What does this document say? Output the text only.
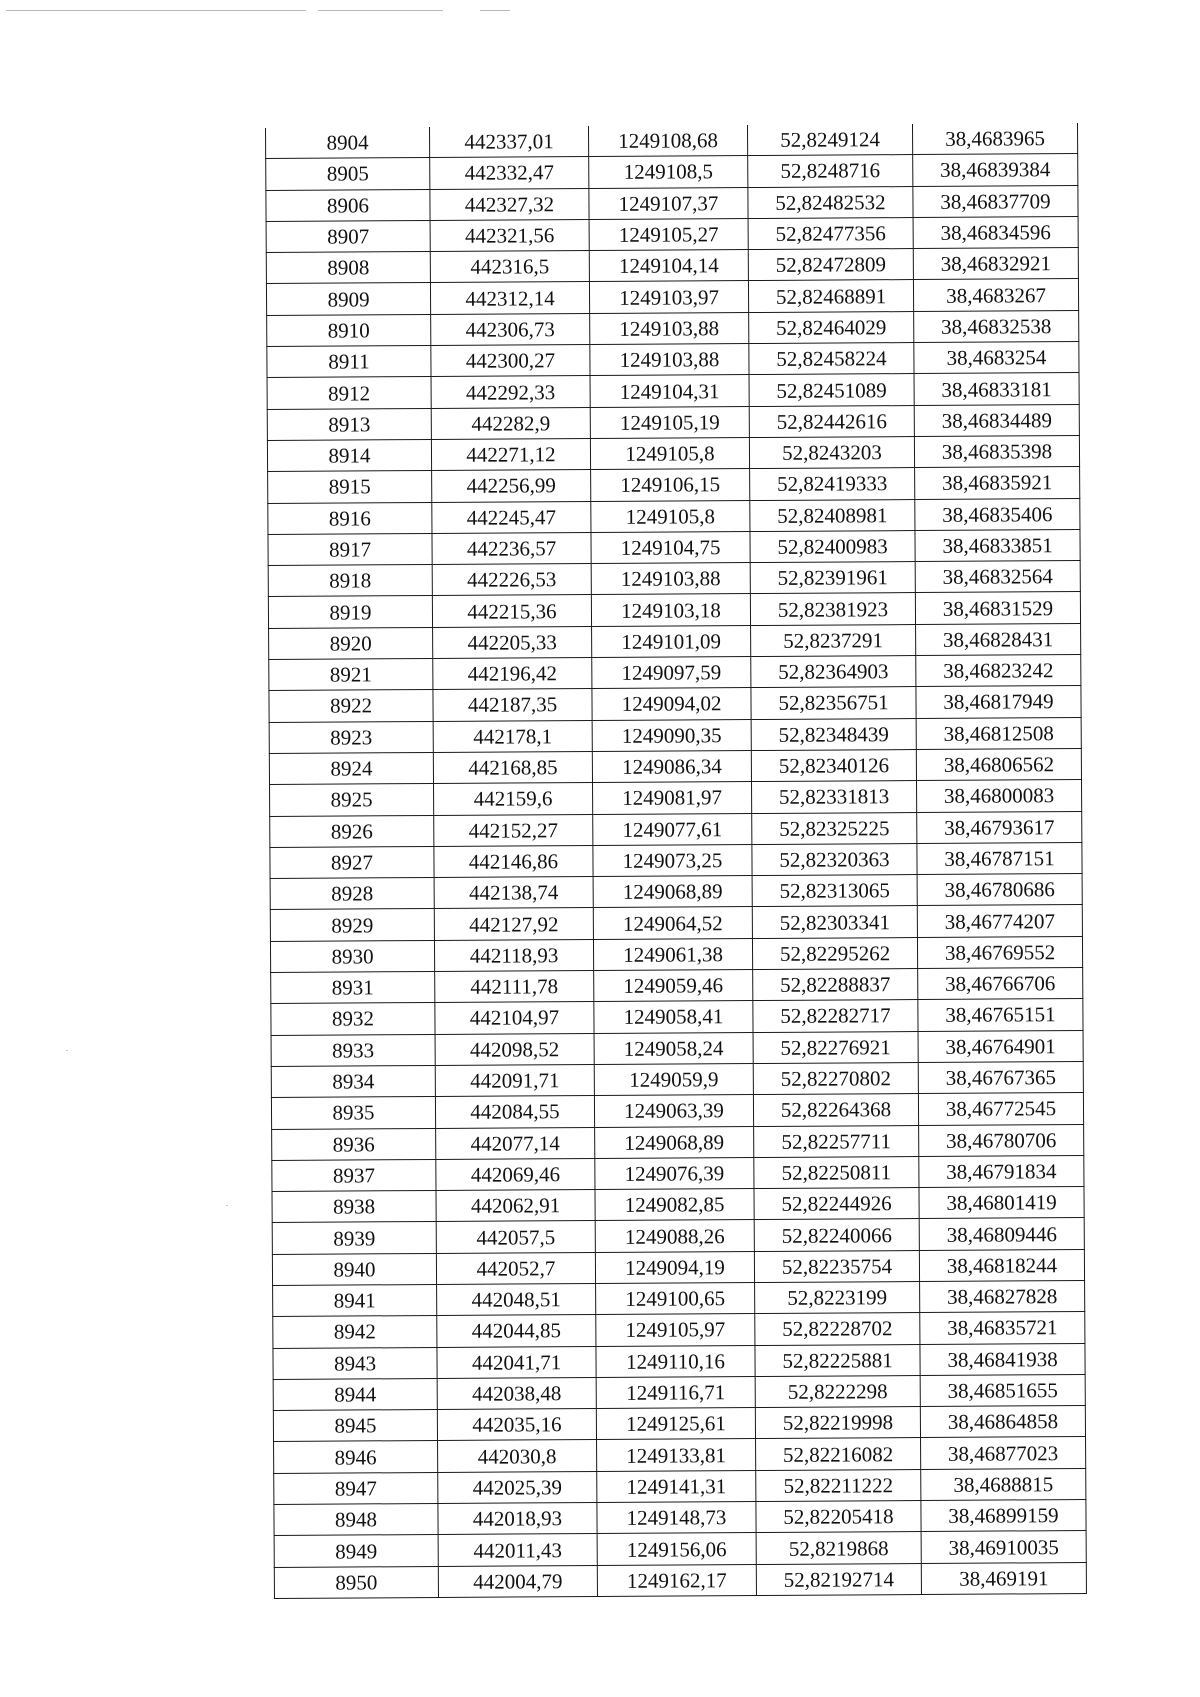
8904	442337,01	1249108,68	52,8249124	38,4683965
8905	442332,47	1249108,5	52,8248716	38,46839384
8906	442327,32	1249107,37	52,82482532	38,46837709
8907	442321,56	1249105,27	52,82477356	38,46834596
8908	442316,5	1249104,14	52,82472809	38,46832921
8909	442312,14	1249103,97	52,82468891	38,4683267
8910	442306,73	1249103,88	52,82464029	38,46832538
8911	442300,27	1249103,88	52,82458224	38,4683254
8912	442292,33	1249104,31	52,82451089	38,46833181
8913	442282,9	1249105,19	52,82442616	38,46834489
8914	442271,12	1249105,8	52,8243203	38,46835398
8915	442256,99	1249106,15	52,82419333	38,46835921
8916	442245,47	1249105,8	52,82408981	38,46835406
8917	442236,57	1249104,75	52,82400983	38,46833851
8918	442226,53	1249103,88	52,82391961	38,46832564
8919	442215,36	1249103,18	52,82381923	38,46831529
8920	442205,33	1249101,09	52,8237291	38,46828431
8921	442196,42	1249097,59	52,82364903	38,46823242
8922	442187,35	1249094,02	52,82356751	38,46817949
8923	442178,1	1249090,35	52,82348439	38,46812508
8924	442168,85	1249086,34	52,82340126	38,46806562
8925	442159,6	1249081,97	52,82331813	38,46800083
8926	442152,27	1249077,61	52,82325225	38,46793617
8927	442146,86	1249073,25	52,82320363	38,46787151
8928	442138,74	1249068,89	52,82313065	38,46780686
8929	442127,92	1249064,52	52,82303341	38,46774207
8930	442118,93	1249061,38	52,82295262	38,46769552
8931	442111,78	1249059,46	52,82288837	38,46766706
8932	442104,97	1249058,41	52,82282717	38,46765151
8933	442098,52	1249058,24	52,82276921	38,46764901
8934	442091,71	1249059,9	52,82270802	38,46767365
8935	442084,55	1249063,39	52,82264368	38,46772545
8936	442077,14	1249068,89	52,82257711	38,46780706
8937	442069,46	1249076,39	52,82250811	38,46791834
8938	442062,91	1249082,85	52,82244926	38,46801419
8939	442057,5	1249088,26	52,82240066	38,46809446
8940	442052,7	1249094,19	52,82235754	38,46818244
8941	442048,51	1249100,65	52,8223199	38,46827828
8942	442044,85	1249105,97	52,82228702	38,46835721
8943	442041,71	1249110,16	52,82225881	38,46841938
8944	442038,48	1249116,71	52,8222298	38,46851655
8945	442035,16	1249125,61	52,82219998	38,46864858
8946	442030,8	1249133,81	52,82216082	38,46877023
8947	442025,39	1249141,31	52,82211222	38,4688815
8948	442018,93	1249148,73	52,82205418	38,46899159
8949	442011,43	1249156,06	52,8219868	38,46910035
8950	442004,79	1249162,17	52,82192714	38,469191
